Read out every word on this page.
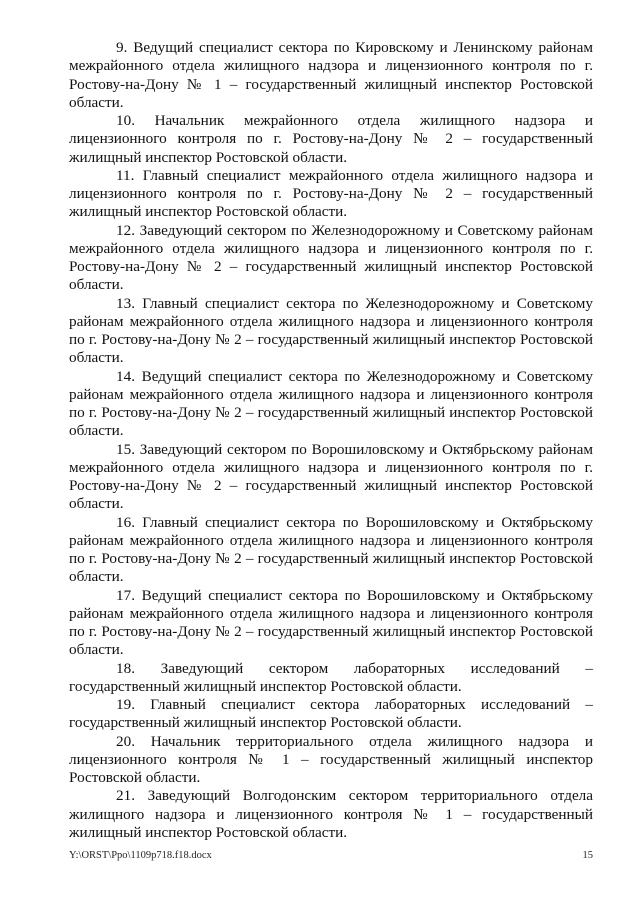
9. Ведущий специалист сектора по Кировскому и Ленинскому районам межрайонного отдела жилищного надзора и лицензионного контроля по г. Ростову-на-Дону № 1 – государственный жилищный инспектор Ростовской области.

10. Начальник межрайонного отдела жилищного надзора и лицензионного контроля по г. Ростову-на-Дону № 2 – государственный жилищный инспектор Ростовской области.

11. Главный специалист межрайонного отдела жилищного надзора и лицензионного контроля по г. Ростову-на-Дону № 2 – государственный жилищный инспектор Ростовской области.

12. Заведующий сектором по Железнодорожному и Советскому районам межрайонного отдела жилищного надзора и лицензионного контроля по г. Ростову-на-Дону № 2 – государственный жилищный инспектор Ростовской области.

13. Главный специалист сектора по Железнодорожному и Советскому районам межрайонного отдела жилищного надзора и лицензионного контроля по г. Ростову-на-Дону № 2 – государственный жилищный инспектор Ростовской области.

14. Ведущий специалист сектора по Железнодорожному и Советскому районам межрайонного отдела жилищного надзора и лицензионного контроля по г. Ростову-на-Дону № 2 – государственный жилищный инспектор Ростовской области.

15. Заведующий сектором по Ворошиловскому и Октябрьскому районам межрайонного отдела жилищного надзора и лицензионного контроля по г. Ростову-на-Дону № 2 – государственный жилищный инспектор Ростовской области.

16. Главный специалист сектора по Ворошиловскому и Октябрьскому районам межрайонного отдела жилищного надзора и лицензионного контроля по г. Ростову-на-Дону № 2 – государственный жилищный инспектор Ростовской области.

17. Ведущий специалист сектора по Ворошиловскому и Октябрьскому районам межрайонного отдела жилищного надзора и лицензионного контроля по г. Ростову-на-Дону № 2 – государственный жилищный инспектор Ростовской области.

18. Заведующий сектором лабораторных исследований – государственный жилищный инспектор Ростовской области.

19. Главный специалист сектора лабораторных исследований – государственный жилищный инспектор Ростовской области.

20. Начальник территориального отдела жилищного надзора и лицензионного контроля № 1 – государственный жилищный инспектор Ростовской области.

21. Заведующий Волгодонским сектором территориального отдела жилищного надзора и лицензионного контроля № 1 – государственный жилищный инспектор Ростовской области.

Y:\ORST\Ppo\1109p718.f18.docx	15
